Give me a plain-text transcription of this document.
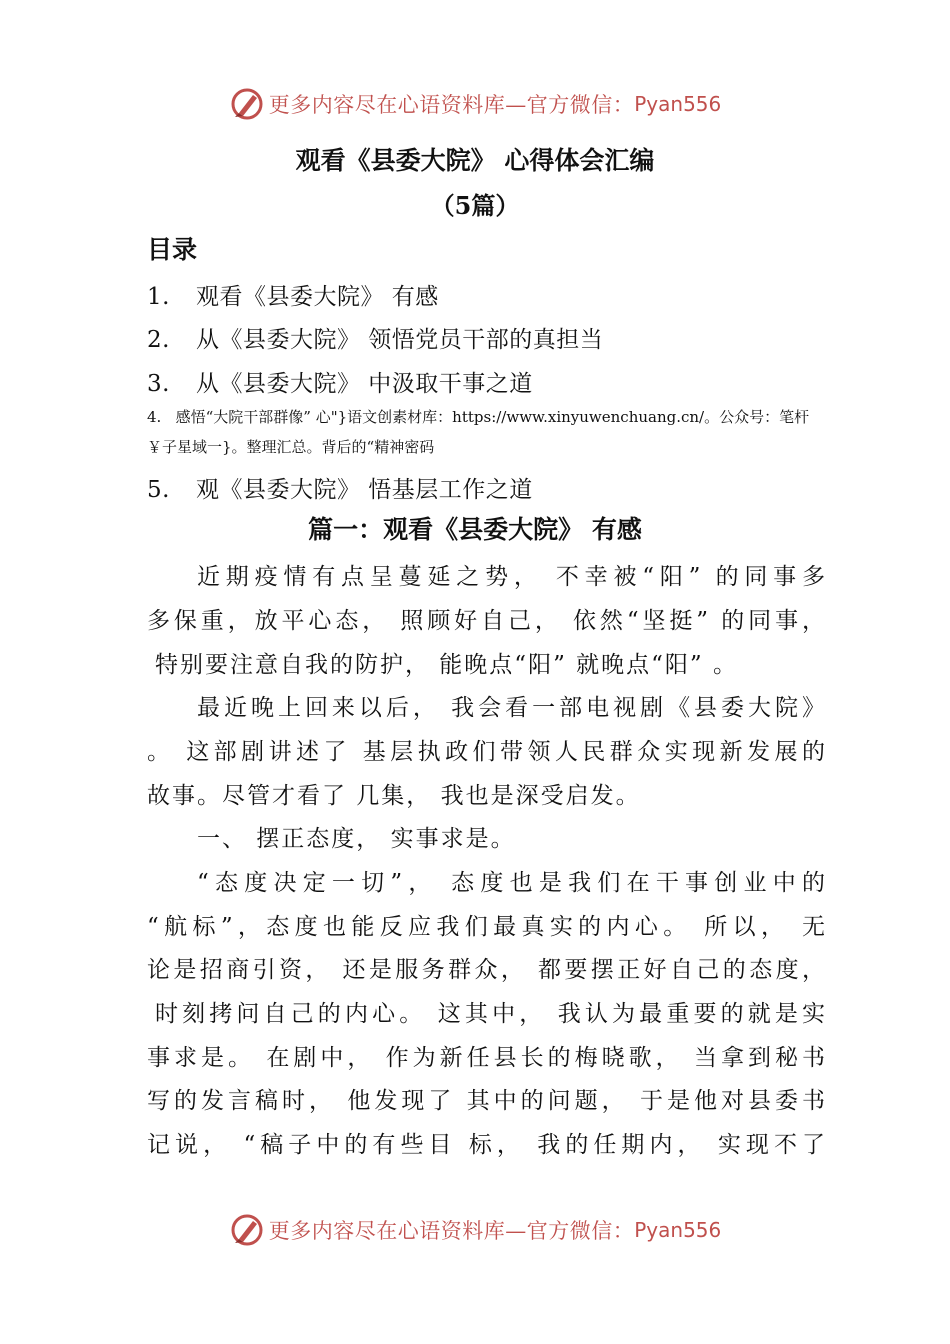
更多内容尽在心语资料库—官方微信： Pyan556
观看《县委大院》 心得体会汇编
（5篇）
目录
1. 观看《县委大院》 有感
2. 从《县委大院》 领悟党员干部的真担当
3. 从《县委大院》 中汲取干事之道
4. 感悟“大院干部群像” 心"}语文创素材库：https://www.xinyuwenchuang.cn/。公众号：笔杆￥子星域一}。整理汇总。背后的“精神密码
5. 观《县委大院》 悟基层工作之道
篇一：观看《县委大院》 有感
近期疫情有点呈蔓延之势， 不幸被“阳” 的同事多
多保重，放平心态， 照顾好自己， 依然“坚挺” 的同事，
特别要注意自我的防护， 能晚点“阳” 就晚点“阳” 。
最近晚上回来以后， 我会看一部电视剧《县委大院》
。 这部剧讲述了 基层执政们带领人民群众实现新发展的
故事。尽管才看了 几集， 我也是深受启发。
一、 摆正态度， 实事求是。
“态度决定一切”， 态度也是我们在干事创业中的
“航标”，态度也能反应我们最真实的内心。 所以， 无
论是招商引资， 还是服务群众， 都要摆正好自己的态度，
时刻拷问自己的内心。 这其中， 我认为最重要的就是实
事求是。 在剧中， 作为新任县长的梅晓歌， 当拿到秘书
写的发言稿时， 他发现了 其中的问题， 于是他对县委书
记说， “稿子中的有些目 标， 我的任期内， 实现不了
更多内容尽在心语资料库—官方微信： Pyan556
